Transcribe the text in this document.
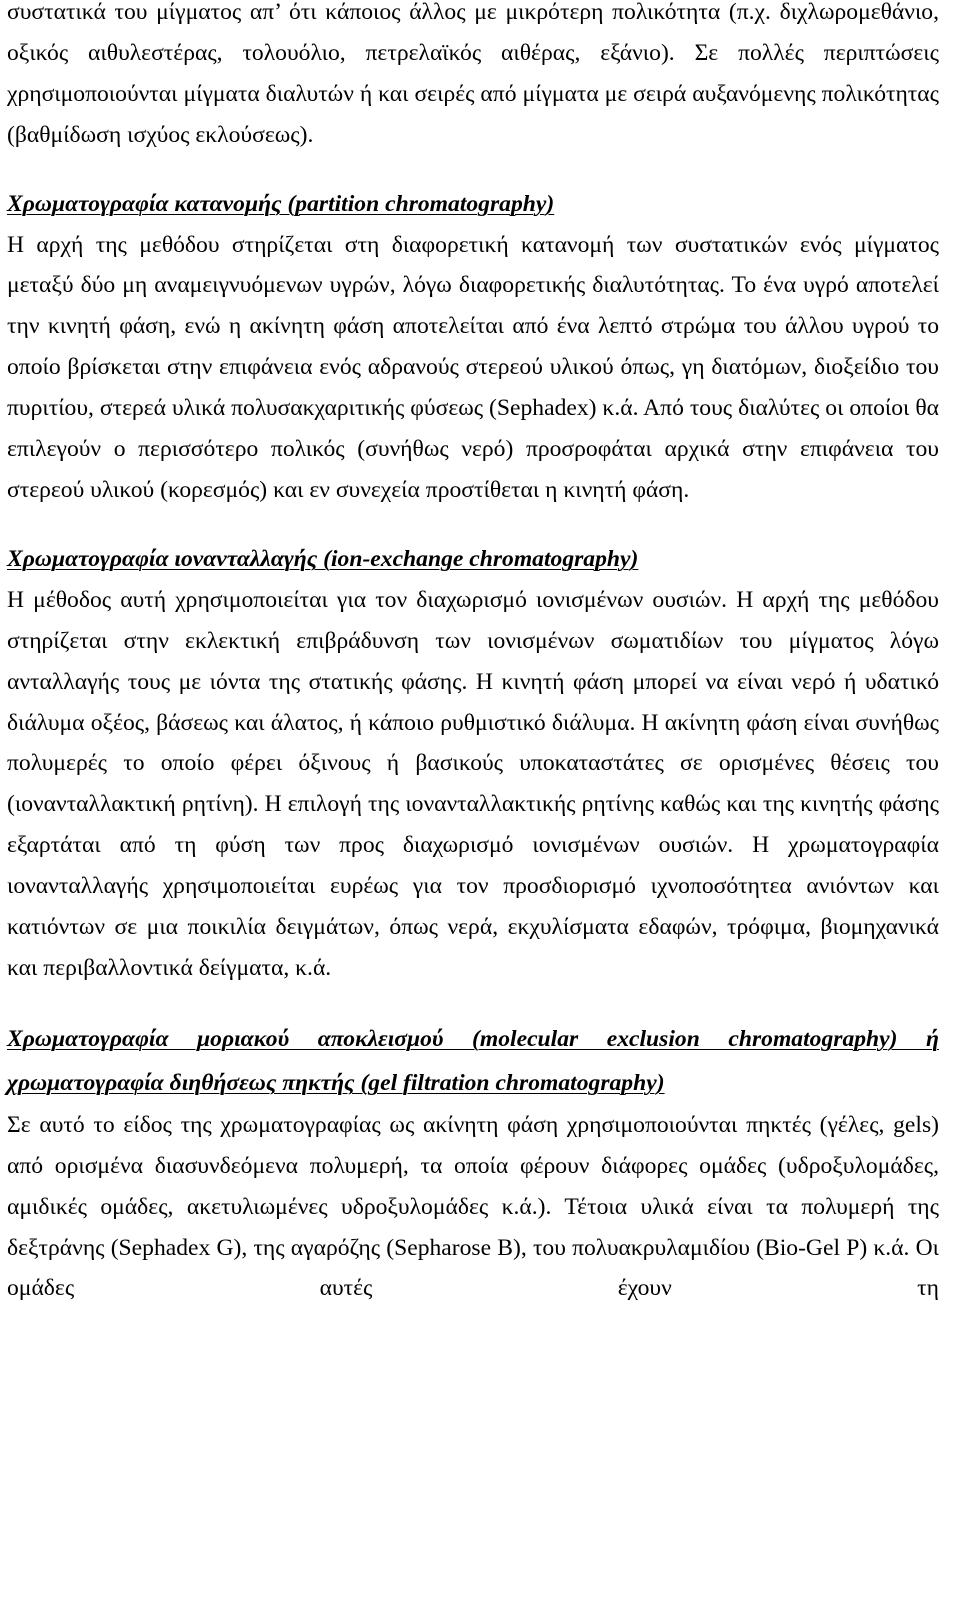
συστατικά του μίγματος απ’ ότι κάποιος άλλος με μικρότερη πολικότητα (π.χ. διχλωρομεθάνιο, οξικός αιθυλεστέρας, τολουόλιο, πετρελαϊκός αιθέρας, εξάνιο). Σε πολλές περιπτώσεις χρησιμοποιούνται μίγματα διαλυτών ή και σειρές από μίγματα με σειρά αυξανόμενης πολικότητας (βαθμίδωση ισχύος εκλούσεως).

Χρωματογραφία κατανομής (partition chromatography)

Η αρχή της μεθόδου στηρίζεται στη διαφορετική κατανομή των συστατικών ενός μίγματος μεταξύ δύο μη αναμειγνυόμενων υγρών, λόγω διαφορετικής διαλυτότητας. Το ένα υγρό αποτελεί την κινητή φάση, ενώ η ακίνητη φάση αποτελείται από ένα λεπτό στρώμα του άλλου υγρού το οποίο βρίσκεται στην επιφάνεια ενός αδρανούς στερεού υλικού όπως, γη διατόμων, διοξείδιο του πυριτίου, στερεά υλικά πολυσακχαριτικής φύσεως (Sephadex) κ.ά. Από τους διαλύτες οι οποίοι θα επιλεγούν ο περισσότερο πολικός (συνήθως νερό) προσροφάται αρχικά στην επιφάνεια του στερεού υλικού (κορεσμός) και εν συνεχεία προστίθεται η κινητή φάση.

Χρωματογραφία ιονανταλλαγής (ion-exchange chromatography)

Η μέθοδος αυτή χρησιμοποιείται για τον διαχωρισμό ιονισμένων ουσιών. Η αρχή της μεθόδου στηρίζεται στην εκλεκτική επιβράδυνση των ιονισμένων σωματιδίων του μίγματος λόγω ανταλλαγής τους με ιόντα της στατικής φάσης. Η κινητή φάση μπορεί να είναι νερό ή υδατικό διάλυμα οξέος, βάσεως και άλατος, ή κάποιο ρυθμιστικό διάλυμα. Η ακίνητη φάση είναι συνήθως πολυμερές το οποίο φέρει όξινους ή βασικούς υποκαταστάτες σε ορισμένες θέσεις του (ιονανταλλακτική ρητίνη). Η επιλογή της ιονανταλλακτικής ρητίνης καθώς και της κινητής φάσης εξαρτάται από τη φύση των προς διαχωρισμό ιονισμένων ουσιών. Η χρωματογραφία ιονανταλλαγής χρησιμοποιείται ευρέως για τον προσδιορισμό ιχνοποσότητεα ανιόντων και κατιόντων σε μια ποικιλία δειγμάτων, όπως νερά, εκχυλίσματα εδαφών, τρόφιμα, βιομηχανικά και περιβαλλοντικά δείγματα, κ.ά.

Χρωματογραφία μοριακού αποκλεισμού (molecular exclusion chromatography) ή χρωματογραφία διηθήσεως πηκτής (gel filtration chromatography)

Σε αυτό το είδος της χρωματογραφίας ως ακίνητη φάση χρησιμοποιούνται πηκτές (γέλες, gels) από ορισμένα διασυνδεόμενα πολυμερή, τα οποία φέρουν διάφορες ομάδες (υδροξυλομάδες, αμιδικές ομάδες, ακετυλιωμένες υδροξυλομάδες κ.ά.). Τέτοια υλικά είναι τα πολυμερή της δεξτράνης (Sephadex G), της αγαρόζης (Sepharose B), του πολυακρυλαμιδίου (Bio-Gel P) κ.ά. Οι ομάδες αυτές έχουν τη
